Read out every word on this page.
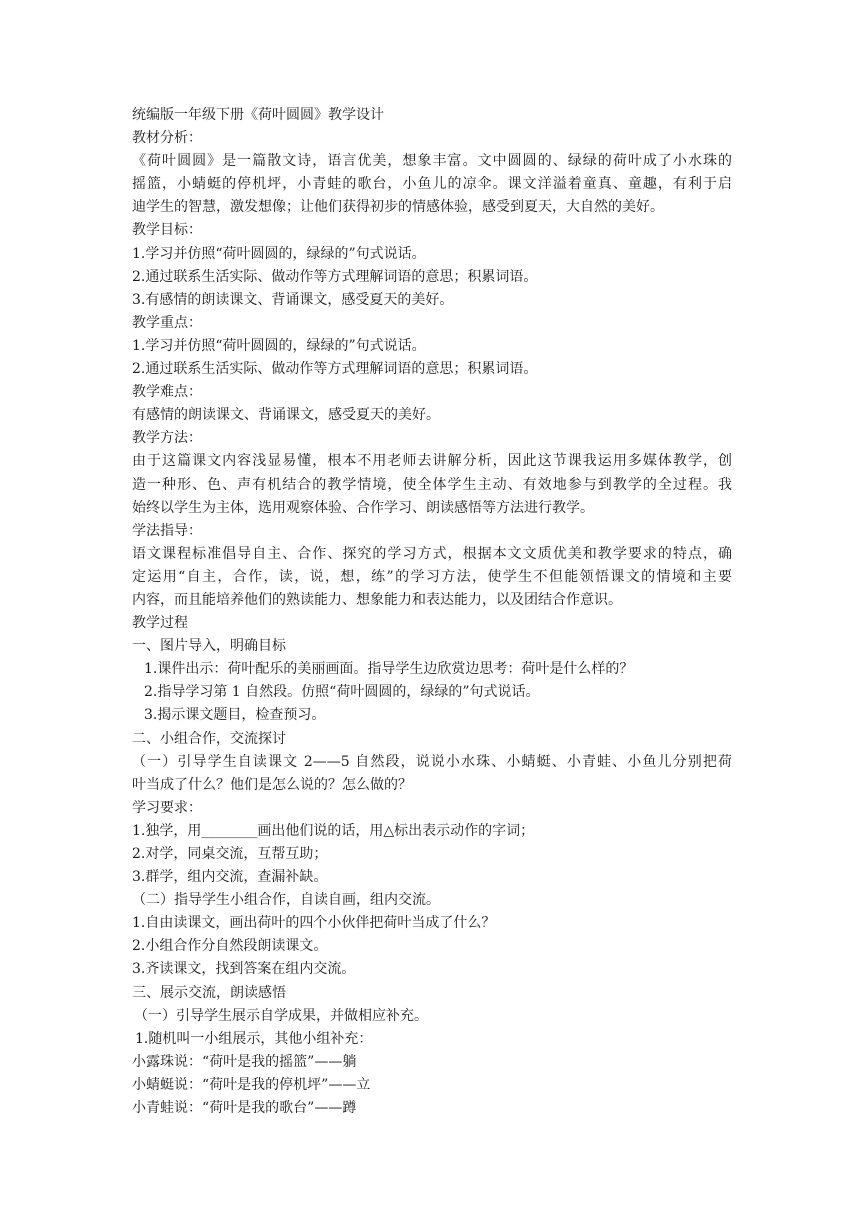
统编版一年级下册《荷叶圆圆》教学设计
教材分析：
《荷叶圆圆》是一篇散文诗，语言优美，想象丰富。文中圆圆的、绿绿的荷叶成了小水珠的
摇篮，小蜻蜓的停机坪，小青蛙的歌台，小鱼儿的凉伞。课文洋溢着童真、童趣，有利于启
迪学生的智慧，激发想像；让他们获得初步的情感体验，感受到夏天，大自然的美好。
教学目标：
1.学习并仿照“荷叶圆圆的，绿绿的”句式说话。
2.通过联系生活实际、做动作等方式理解词语的意思；积累词语。
3.有感情的朗读课文、背诵课文，感受夏天的美好。
教学重点：
1.学习并仿照“荷叶圆圆的，绿绿的”句式说话。
2.通过联系生活实际、做动作等方式理解词语的意思；积累词语。
教学难点：
有感情的朗读课文、背诵课文，感受夏天的美好。
教学方法：
由于这篇课文内容浅显易懂，根本不用老师去讲解分析，因此这节课我运用多媒体教学，创
造一种形、色、声有机结合的教学情境，使全体学生主动、有效地参与到教学的全过程。我
始终以学生为主体，选用观察体验、合作学习、朗读感悟等方法进行教学。
学法指导：
语文课程标准倡导自主、合作、探究的学习方式，根据本文文质优美和教学要求的特点，确
定运用“自主，合作，读，说，想，练”的学习方法，使学生不但能领悟课文的情境和主要
内容，而且能培养他们的熟读能力、想象能力和表达能力，以及团结合作意识。
教学过程
一、图片导入，明确目标
1.课件出示：荷叶配乐的美丽画面。指导学生边欣赏边思考：荷叶是什么样的？
2.指导学习第 1 自然段。仿照“荷叶圆圆的，绿绿的”句式说话。
3.揭示课文题目，检查预习。
二、小组合作，交流探讨
（一）引导学生自读课文 2——5 自然段，说说小水珠、小蜻蜓、小青蛙、小鱼儿分别把荷
叶当成了什么？他们是怎么说的？怎么做的？
学习要求：
1.独学，用________画出他们说的话，用△标出表示动作的字词；
2.对学，同桌交流，互帮互助；
3.群学，组内交流，查漏补缺。
（二）指导学生小组合作，自读自画，组内交流。
1.自由读课文，画出荷叶的四个小伙伴把荷叶当成了什么？
2.小组合作分自然段朗读课文。
3.齐读课文，找到答案在组内交流。
三、展示交流，朗读感悟
（一）引导学生展示自学成果，并做相应补充。
1.随机叫一小组展示，其他小组补充：
小露珠说：“荷叶是我的摇篮”——躺
小蜻蜓说：“荷叶是我的停机坪”——立
小青蛙说：“荷叶是我的歌台”——蹲
